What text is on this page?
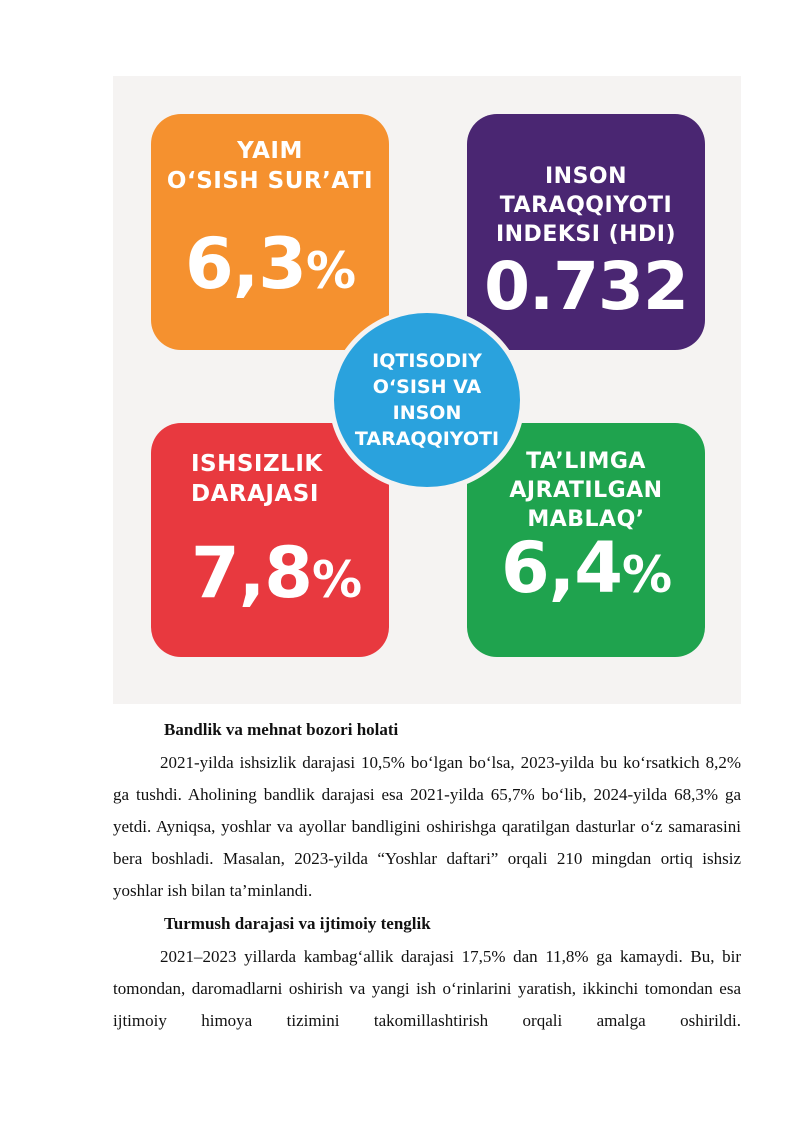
YAIM
O‘SISH SUR’ATI
6,3%
INSON
TARAQQIYOTI
INDEKSI (HDI)
0.732
ISHSIZLIK
DARAJASI
7,8%
TA’LIMGA
AJRATILGAN
MABLAQ’
6,4%
IQTISODIY
O‘SISH VA
INSON
TARAQQIYOTI
Bandlik va mehnat bozori holati

2021-yilda ishsizlik darajasi 10,5% bo‘lgan bo‘lsa, 2023-yilda bu ko‘rsatkich 8,2% ga tushdi. Aholining bandlik darajasi esa 2021-yilda 65,7% bo‘lib, 2024-yilda 68,3% ga yetdi. Ayniqsa, yoshlar va ayollar bandligini oshirishga qaratilgan dasturlar o‘z samarasini bera boshladi. Masalan, 2023-yilda “Yoshlar daftari” orqali 210 mingdan ortiq ishsiz yoshlar ish bilan ta’minlandi.

Turmush darajasi va ijtimoiy tenglik

2021–2023 yillarda kambag‘allik darajasi 17,5% dan 11,8% ga kamaydi. Bu, bir tomondan, daromadlarni oshirish va yangi ish o‘rinlarini yaratish, ikkinchi tomondan esa ijtimoiy himoya tizimini takomillashtirish orqali amalga oshirildi.
